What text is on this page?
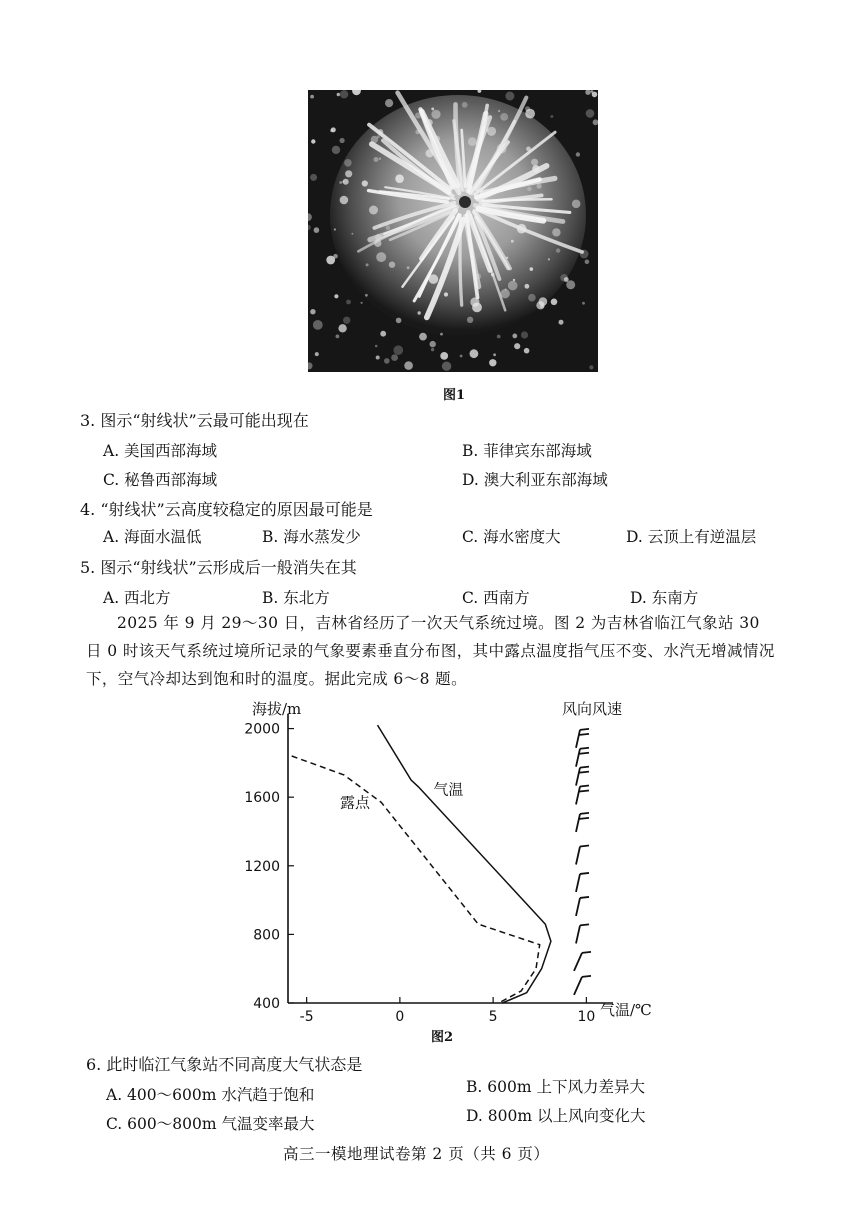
图1
3. 图示“射线状”云最可能出现在
A. 美国西部海域	B. 菲律宾东部海域
C. 秘鲁西部海域	D. 澳大利亚东部海域
4. “射线状”云高度较稳定的原因最可能是
A. 海面水温低	B. 海水蒸发少	C. 海水密度大	D. 云顶上有逆温层
5. 图示“射线状”云形成后一般消失在其
A. 西北方	B. 东北方	C. 西南方	D. 东南方
2025 年 9 月 29～30 日，吉林省经历了一次天气系统过境。图 2 为吉林省临江气象站 30 日 0 时该天气系统过境所记录的气象要素垂直分布图，其中露点温度指气压不变、水汽无增减情况下，空气冷却达到饱和时的温度。据此完成 6～8 题。
海拔/m	风向风速
气温/℃
400
800
1200
1600
2000
-5	0	5	10
气温
露点
图2
6. 此时临江气象站不同高度大气状态是
A. 400～600m 水汽趋于饱和	B. 600m 上下风力差异大
C. 600～800m 气温变率最大	D. 800m 以上风向变化大
高三一模地理试卷第 2 页（共 6 页）
